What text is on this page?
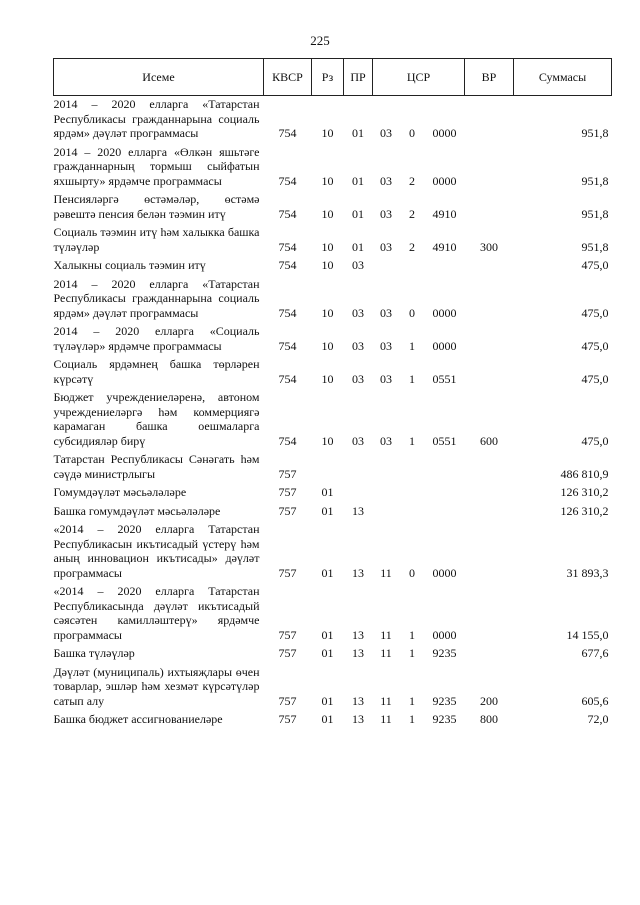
225
Исеме	КВСР	Рз	ПР	ЦСР			ВР	Суммасы
2014 – 2020 елларга «Татарстан Республикасы гражданнарына социаль ярдәм» дәүләт программасы	754	10	01	03	0	0000		951,8
2014 – 2020 елларга «Өлкән яшьтәге гражданнарның тормыш сыйфатын яхшырту» ярдәмче программасы	754	10	01	03	2	0000		951,8
Пенсияләргә өстәмәләр, өстәмә рәвештә пенсия белән тәэмин итү	754	10	01	03	2	4910		951,8
Социаль тәэмин итү һәм халыкка башка түләүләр	754	10	01	03	2	4910	300	951,8
Халыкны социаль тәэмин итү	754	10	03					475,0
2014 – 2020 елларга «Татарстан Республикасы гражданнарына социаль ярдәм» дәүләт программасы	754	10	03	03	0	0000		475,0
2014 – 2020 елларга «Социаль түләүләр» ярдәмче программасы	754	10	03	03	1	0000		475,0
Социаль ярдәмнең башка төрләрен күрсәтү	754	10	03	03	1	0551		475,0
Бюджет учреждениеләренә, автоном учреждениеләргә һәм коммерциягә карамаган башка оешмаларга субсидияләр бирү	754	10	03	03	1	0551	600	475,0
Татарстан Республикасы Сәнәгать һәм сәүдә министрлыгы	757							486 810,9
Гомумдәүләт мәсьәләләре	757	01						126 310,2
Башка гомумдәүләт мәсьәләләре	757	01	13					126 310,2
«2014 – 2020 елларга Татарстан Республикасын икътисадый үстерү һәм аның инновацион икътисады» дәүләт программасы	757	01	13	11	0	0000		31 893,3
«2014 – 2020 елларга Татарстан Республикасында дәүләт икътисадый сәясәтен камилләштерү» ярдәмче программасы	757	01	13	11	1	0000		14 155,0
Башка түләүләр	757	01	13	11	1	9235		677,6
Дәүләт (муниципаль) ихтыяҗлары өчен товарлар, эшләр һәм хезмәт күрсәтүләр сатып алу	757	01	13	11	1	9235	200	605,6
Башка бюджет ассигнованиеләре	757	01	13	11	1	9235	800	72,0
